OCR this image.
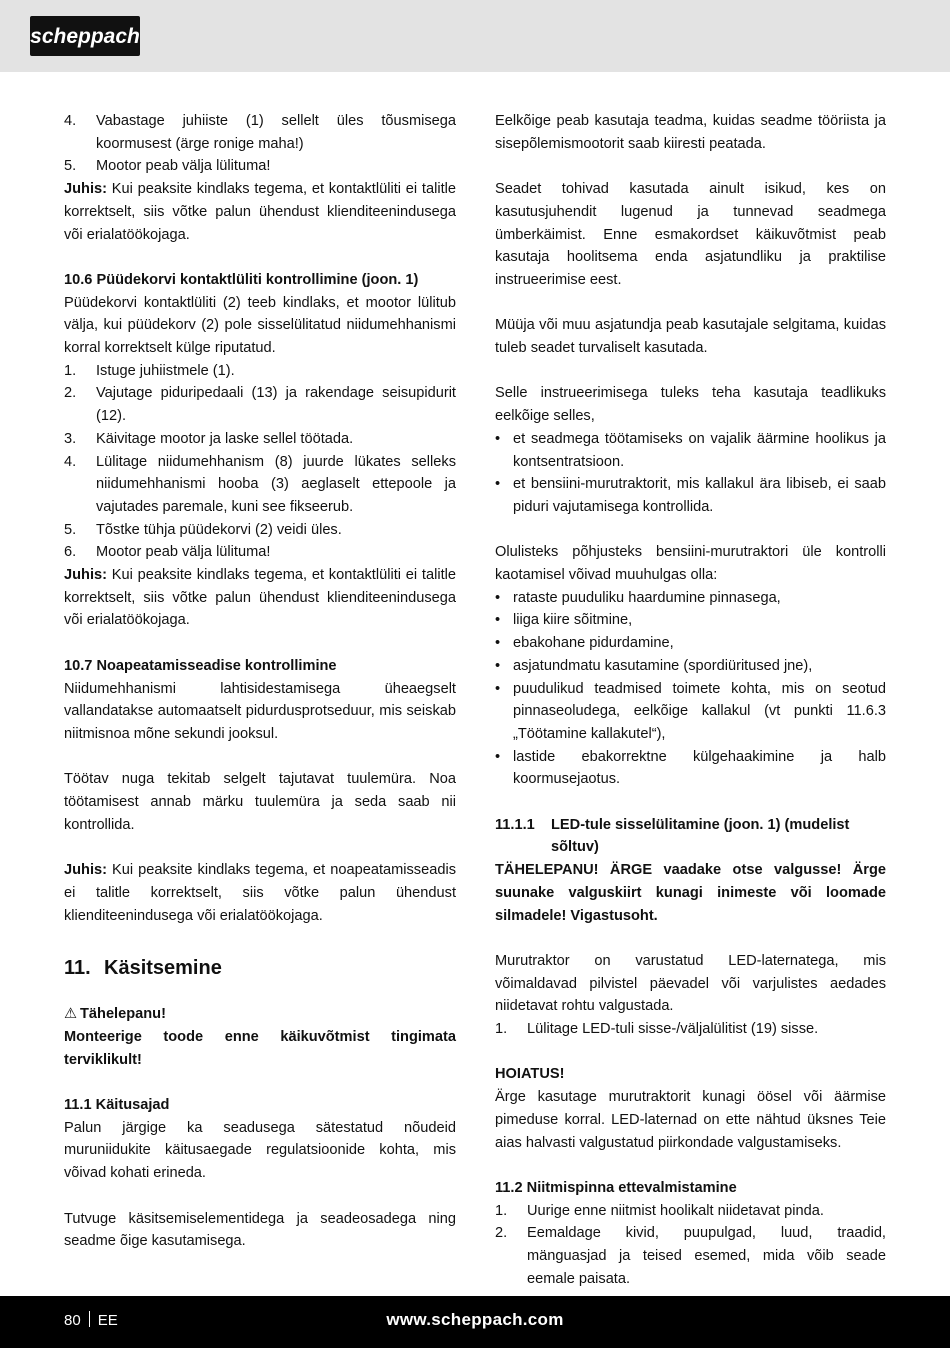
scheppach
4.	Vabastage juhiiste (1) sellelt üles tõusmisega koormusest (ärge ronige maha!)
5.	Mootor peab välja lülituma!

Juhis: Kui peaksite kindlaks tegema, et kontaktlüliti ei talitle korrektselt, siis võtke palun ühendust klienditeenindusega või erialatöökojaga.

10.6 Püüdekorvi kontaktlüliti kontrollimine (joon. 1)

Püüdekorvi kontaktlüliti (2) teeb kindlaks, et mootor lülitub välja, kui püüdekorv (2) pole sisselülitatud niidumehhanismi korral korrektselt külge riputatud.

1.	Istuge juhiistmele (1).
2.	Vajutage piduripedaali (13) ja rakendage seisupidurit (12).
3.	Käivitage mootor ja laske sellel töötada.
4.	Lülitage niidumehhanism (8) juurde lükates selleks niidumehhanismi hooba (3) aeglaselt ettepoole ja vajutades paremale, kuni see fikseerub.
5.	Tõstke tühja püüdekorvi (2) veidi üles.
6.	Mootor peab välja lülituma!

Juhis: Kui peaksite kindlaks tegema, et kontaktlüliti ei talitle korrektselt, siis võtke palun ühendust klienditeenindusega või erialatöökojaga.

10.7 Noapeatamisseadise kontrollimine

Niidumehhanismi lahtisidestamisega üheaegselt vallandatakse automaatselt pidurdusprotseduur, mis seiskab niitmisnoa mõne sekundi jooksul.

Töötav nuga tekitab selgelt tajutavat tuulemüra. Noa töötamisest annab märku tuulemüra ja seda saab nii kontrollida.

Juhis: Kui peaksite kindlaks tegema, et noapeatamisseadis ei talitle korrektselt, siis võtke palun ühendust klienditeenindusega või erialatöökojaga.

11. Käsitsemine

⚠ Tähelepanu!

Monteerige toode enne käikuvõtmist tingimata terviklikult!

11.1 Käitusajad

Palun järgige ka seadusega sätestatud nõudeid muruniidukite käitusaegade regulatsioonide kohta, mis võivad kohati erineda.

Tutvuge käsitsemiselementidega ja seadeosadega ning seadme õige kasutamisega.

Eelkõige peab kasutaja teadma, kuidas seadme tööriista ja sisepõlemismootorit saab kiiresti peatada.

Seadet tohivad kasutada ainult isikud, kes on kasutusjuhendit lugenud ja tunnevad seadmega ümberkäimist. Enne esmakordset käikuvõtmist peab kasutaja hoolitsema enda asjatundliku ja praktilise instrueerimise eest.

Müüja või muu asjatundja peab kasutajale selgitama, kuidas tuleb seadet turvaliselt kasutada.

Selle instrueerimisega tuleks teha kasutaja teadlikuks eelkõige selles,

• et seadmega töötamiseks on vajalik äärmine hoolikus ja kontsentratsioon.
• et bensiini-murutraktorit, mis kallakul ära libiseb, ei saab piduri vajutamisega kontrollida.

Olulisteks põhjusteks bensiini-murutraktori üle kontrolli kaotamisel võivad muuhulgas olla:

• rataste puuduliku haardumine pinnasega,
• liiga kiire sõitmine,
• ebakohane pidurdamine,
• asjatundmatu kasutamine (spordiüritused jne),
• puudulikud teadmised toimete kohta, mis on seotud pinnaseoludega, eelkõige kallakul (vt punkti 11.6.3 „Töötamine kallakutel“),
• lastide ebakorrektne külgehaakimine ja halb koormusejaotus.
11.1.1	LED-tule sisselülitamine (joon. 1) (mudelist sõltuv)

TÄHELEPANU! ÄRGE vaadake otse valgusse! Ärge suunake valguskiirt kunagi inimeste või loomade silmadele! Vigastusoht.

Murutraktor on varustatud LED-laternatega, mis võimaldavad pilvistel päevadel või varjulistes aedades niidetavat rohtu valgustada.

1.	Lülitage LED-tuli sisse-/väljalülitist (19) sisse.

HOIATUS!

Ärge kasutage murutraktorit kunagi öösel või äärmise pimeduse korral. LED-laternad on ette nähtud üksnes Teie aias halvasti valgustatud piirkondade valgustamiseks.

11.2 Niitmispinna ettevalmistamine

1.	Uurige enne niitmist hoolikalt niidetavat pinda.
2.	Eemaldage kivid, puupulgad, luud, traadid, mänguasjad ja teised esemed, mida võib seade eemale paisata.
80 EE	www.scheppach.com
